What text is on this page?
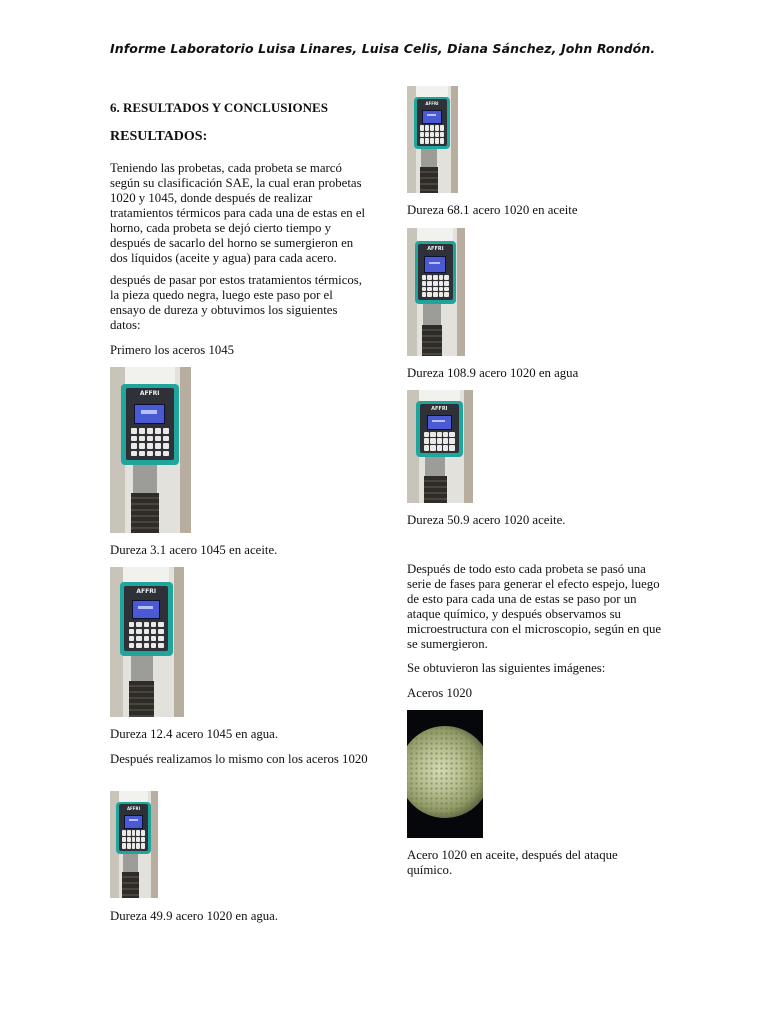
Informe Laboratorio Luisa Linares, Luisa Celis, Diana Sánchez, John Rondón.
6. RESULTADOS Y CONCLUSIONES
RESULTADOS:
Teniendo las probetas, cada probeta se marcó según su clasificación SAE, la cual eran probetas 1020 y 1045, donde después de realizar tratamientos térmicos para cada una de estas en el horno, cada probeta se dejó cierto tiempo y después de sacarlo del horno se sumergieron en dos líquidos (aceite y agua) para cada acero.
después de pasar por estos tratamientos térmicos, la pieza quedo negra, luego este paso por el ensayo de dureza y obtuvimos los siguientes datos:
Primero los aceros 1045
AFFRI
Dureza 3.1 acero 1045 en aceite.
AFFRI
Dureza 12.4 acero 1045 en agua.
Después realizamos lo mismo con los aceros 1020
AFFRI
Dureza 49.9 acero 1020 en agua.
AFFRI
Dureza 68.1 acero 1020 en aceite
AFFRI
Dureza 108.9 acero 1020 en agua
AFFRI
Dureza 50.9 acero 1020 aceite.
Después de todo esto cada probeta se pasó una serie de fases para generar el efecto espejo, luego de esto para cada una de estas se paso por un ataque químico, y después observamos su microestructura con el microscopio, según en que se sumergieron.
Se obtuvieron las siguientes imágenes:
Aceros 1020
Acero 1020 en aceite, después del ataque químico.
